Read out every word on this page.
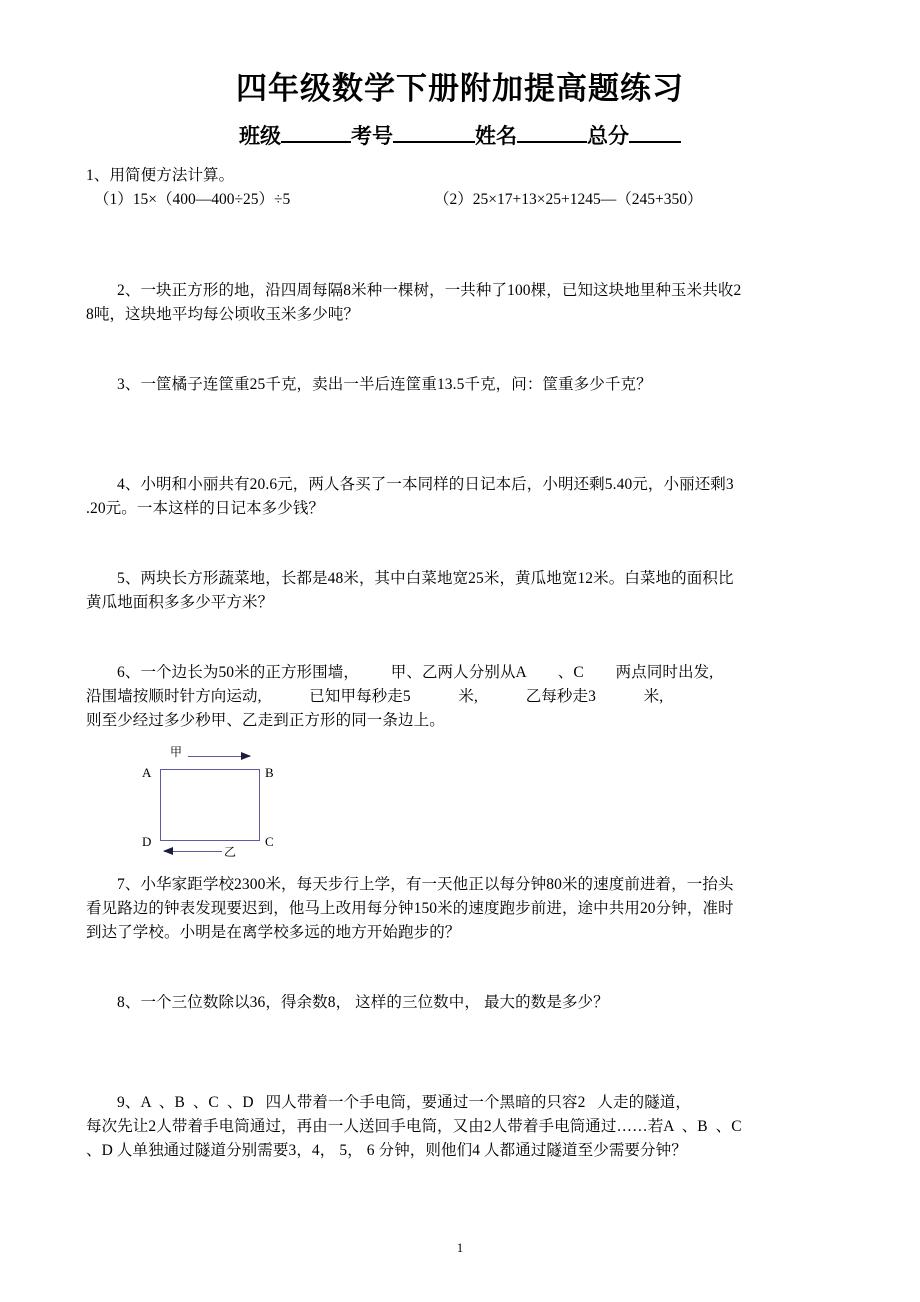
四年级数学下册附加提高题练习
班级	考号	姓名	总分

1、用简便方法计算。

（1）15×（400—400÷25）÷5	（2）25×17+13×25+1245—（245+350）

2、一块正方形的地，沿四周每隔8米种一棵树，一共种了100棵，已知这块地里种玉米共收2

8吨，这块地平均每公顷收玉米多少吨？

3、一筐橘子连筐重25千克，卖出一半后连筐重13.5千克，问：筐重多少千克？

4、小明和小丽共有20.6元，两人各买了一本同样的日记本后，小明还剩5.40元，小丽还剩3

.20元。一本这样的日记本多少钱？

5、两块长方形蔬菜地，长都是48米，其中白菜地宽25米，黄瓜地宽12米。白菜地的面积比

黄瓜地面积多多少平方米？

6、一个边长为50米的正方形围墙，        甲、乙两人分别从A        、C        两点同时出发,

沿围墙按顺时针方向运动,            已知甲每秒走5            米,            乙每秒走3            米,

则至少经过多少秒甲、乙走到正方形的同一条边上。

A	B
D	C
甲
乙

7、小华家距学校2300米，每天步行上学，有一天他正以每分钟80米的速度前进着，一抬头

看见路边的钟表发现要迟到，他马上改用每分钟150米的速度跑步前进，途中共用20分钟，准时

到达了学校。小明是在离学校多远的地方开始跑步的？

8、一个三位数除以36，得余数8， 这样的三位数中， 最大的数是多少？

9、A  、B  、C  、D   四人带着一个手电筒，要通过一个黑暗的只容2   人走的隧道，

每次先让2人带着手电筒通过，再由一人送回手电筒，又由2人带着手电筒通过……若A  、B  、C

、D 人单独通过隧道分别需要3，4， 5， 6 分钟，则他们4 人都通过隧道至少需要分钟？

1
